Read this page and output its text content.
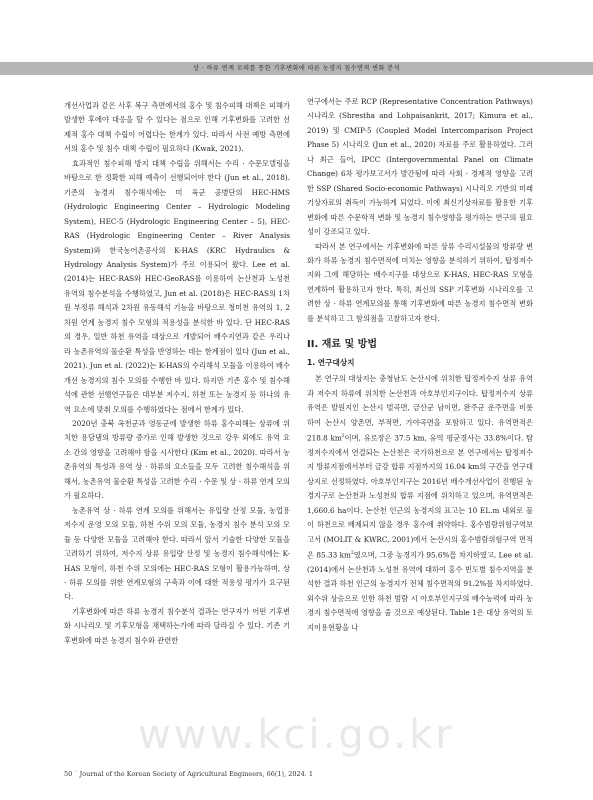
상 · 하류 연계 모의를 통한 기후변화에 따른 농경지 침수면적 변화 분석

개선사업과 같은 사후 복구 측면에서의 홍수 및 침수피해 대책은 피해가 발생한 후에야 대응을 할 수 있다는 점으로 인해 기후변화를 고려한 선제적 홍수 대책 수립이 어렵다는 한계가 있다. 따라서 사전 예방 측면에서의 홍수 및 침수 대책 수립이 필요하다 (Kwak, 2021).

효과적인 침수피해 방지 대책 수립을 위해서는 수리 · 수문모델링을 바탕으로 한 정확한 피해 예측이 선행되어야 한다 (Jun et al., 2018). 기존의 농경지 침수해석에는 미 육군 공병단의 HEC-HMS (Hydrologic Engineering Center – Hydrologic Modeling System), HEC-5 (Hydrologic Engineering Center – 5), HEC-RAS (Hydrologic Engineering Center – River Analysis System)와 한국농어촌공사의 K-HAS (KRC Hydraulics & Hydrology Analysis System)가 주로 이용되어 왔다. Lee et al. (2014)는 HEC-RAS와 HEC-GeoRAS를 이용하여 논산천과 노성천 유역의 침수분석을 수행하였고, Jun et al. (2018)은 HEC-RAS의 1차원 부정류 해석과 2차원 유동해석 기능을 바탕으로 청미천 유역의 1, 2차원 연계 농경지 침수 모형의 적용성을 분석한 바 있다. 단 HEC-RAS의 경우, 일반 하천 유역을 대상으로 개발되어 배수지연과 같은 우리나라 농촌유역의 물순환 특성을 반영하는 데는 한계점이 있다 (Jun et al., 2021). Jun et al. (2022)는 K-HAS의 수리해석 모듈을 이용하여 배수개선 농경지의 침수 모의를 수행한 바 있다. 하지만 기존 홍수 및 침수해석에 관한 선행연구들은 대부분 저수지, 하천 또는 농경지 등 하나의 유역 요소에 맞춰 모의를 수행하였다는 점에서 한계가 있다.

2020년 충북 옥천군과 영동군에 발생한 하류 홍수피해는 상류에 위치한 용담댐의 방류량 증가로 인해 발생한 것으로 강우 외에도 유역 요소 간의 영향을 고려해야 함을 시사한다 (Kim et al., 2020). 따라서 농촌유역의 특성과 유역 상 · 하류의 요소들을 모두 고려한 침수해석을 위해서, 농촌유역 물순환 특성을 고려한 수리 · 수문 및 상 · 하류 연계 모의가 필요하다.

농촌유역 상 · 하류 연계 모의를 위해서는 유입량 산정 모듈, 농업용 저수지 운영 모의 모듈, 하천 수위 모의 모듈, 농경지 침수 분석 모의 모듈 등 다양한 모듈을 고려해야 한다. 따라서 앞서 기술한 다양한 모듈을 고려하기 위하여, 저수지 상류 유입량 산정 및 농경지 침수해석에는 K-HAS 모형이, 하천 수위 모의에는 HEC-RAS 모형이 활용가능하며, 상 · 하류 모의를 위한 연계모형의 구축과 이에 대한 적용성 평가가 요구된다.

기후변화에 따른 하류 농경지 침수분석 결과는 연구자가 어떤 기후변화 시나리오 및 기후모형을 채택하는가에 따라 달라질 수 있다. 기존 기후변화에 따른 농경지 침수와 관련한

연구에서는 주로 RCP (Representative Concentration Pathways) 시나리오 (Shrestha and Lohpaisankrit, 2017; Kimura et al., 2019) 및 CMIP-5 (Coupled Model Intercomparison Project Phase 5) 시나리오 (Jun et al., 2020) 자료를 주로 활용하였다. 그러나 최근 들어, IPCC (Intergovernmental Panel on Climate Change) 6차 평가보고서가 발간됨에 따라 사회 · 경제적 영향을 고려한 SSP (Shared Socio-economic Pathways) 시나리오 기반의 미래기상자료의 취득이 가능하게 되었다. 이에 최신기상자료를 활용한 기후변화에 따른 수문학적 변화 및 농경지 침수영향을 평가하는 연구의 필요성이 강조되고 있다.

따라서 본 연구에서는 기후변화에 따른 상류 수리시설물의 방류량 변화가 하류 농경지 침수면적에 미치는 영향을 분석하기 위하여, 탑정저수지와 그에 해당하는 배수지구를 대상으로 K-HAS, HEC-RAS 모형을 연계하여 활용하고자 한다. 특히, 최신의 SSP 기후변화 시나리오를 고려한 상 · 하류 연계모의를 통해 기후변화에 따른 농경지 침수면적 변화를 분석하고 그 함의점을 고찰하고자 한다.

II. 재료 및 방법
1. 연구대상지

본 연구의 대상지는 충청남도 논산시에 위치한 탑정저수지 상류 유역과 저수지 하류에 위치한 논산천과 아호부인지구이다. 탑정저수지 상류 유역은 발원지인 논산시 벌곡면, 금산군 남이면, 완주군 운주면을 비롯하여 논산시 양촌면, 부적면, 가야곡면을 포함하고 있다. 유역면적은 218.8 $km^2$이며, 유로장은 37.5 km, 유역 평균경사는 33.8%이다. 탑정저수지에서 연결되는 논산천은 국가하천으로 본 연구에서는 탑정저수지 방류지점에서부터 금강 합류 지점까지의 16.04 km의 구간을 연구대상지로 선정하였다. 아호부인지구는 2016년 배수개선사업이 진행된 농경지구로 논산천과 노성천의 합류 지점에 위치하고 있으며, 유역면적은 1,660.6 ha이다. 논산천 인근의 농경지의 표고는 10 EL.m 내외로 물이 하천으로 배제되지 않을 경우 홍수에 취약하다. 홍수범람위험구역보고서 (MOLIT & KWRC, 2001)에서 논산시의 홍수범람위험구역 면적은 85.33 $km^2$였으며, 그중 농경지가 95.6%를 차지하였고, Lee et al. (2014)에서 논산천과 노성천 유역에 대하여 홍수 빈도별 침수지역을 분석한 결과 하천 인근의 농경지가 전체 침수면적의 91.2%를 차지하였다. 외수위 상승으로 인한 하천 범람 시 아호부인지구의 배수능력에 따라 농경지 침수면적에 영향을 줄 것으로 예상된다. Table 1은 대상 유역의 토지이용현황을 나

www.kci.go.kr
50 ˙ Journal of the Korean Society of Agricultural Engineers, 66(1), 2024. 1
